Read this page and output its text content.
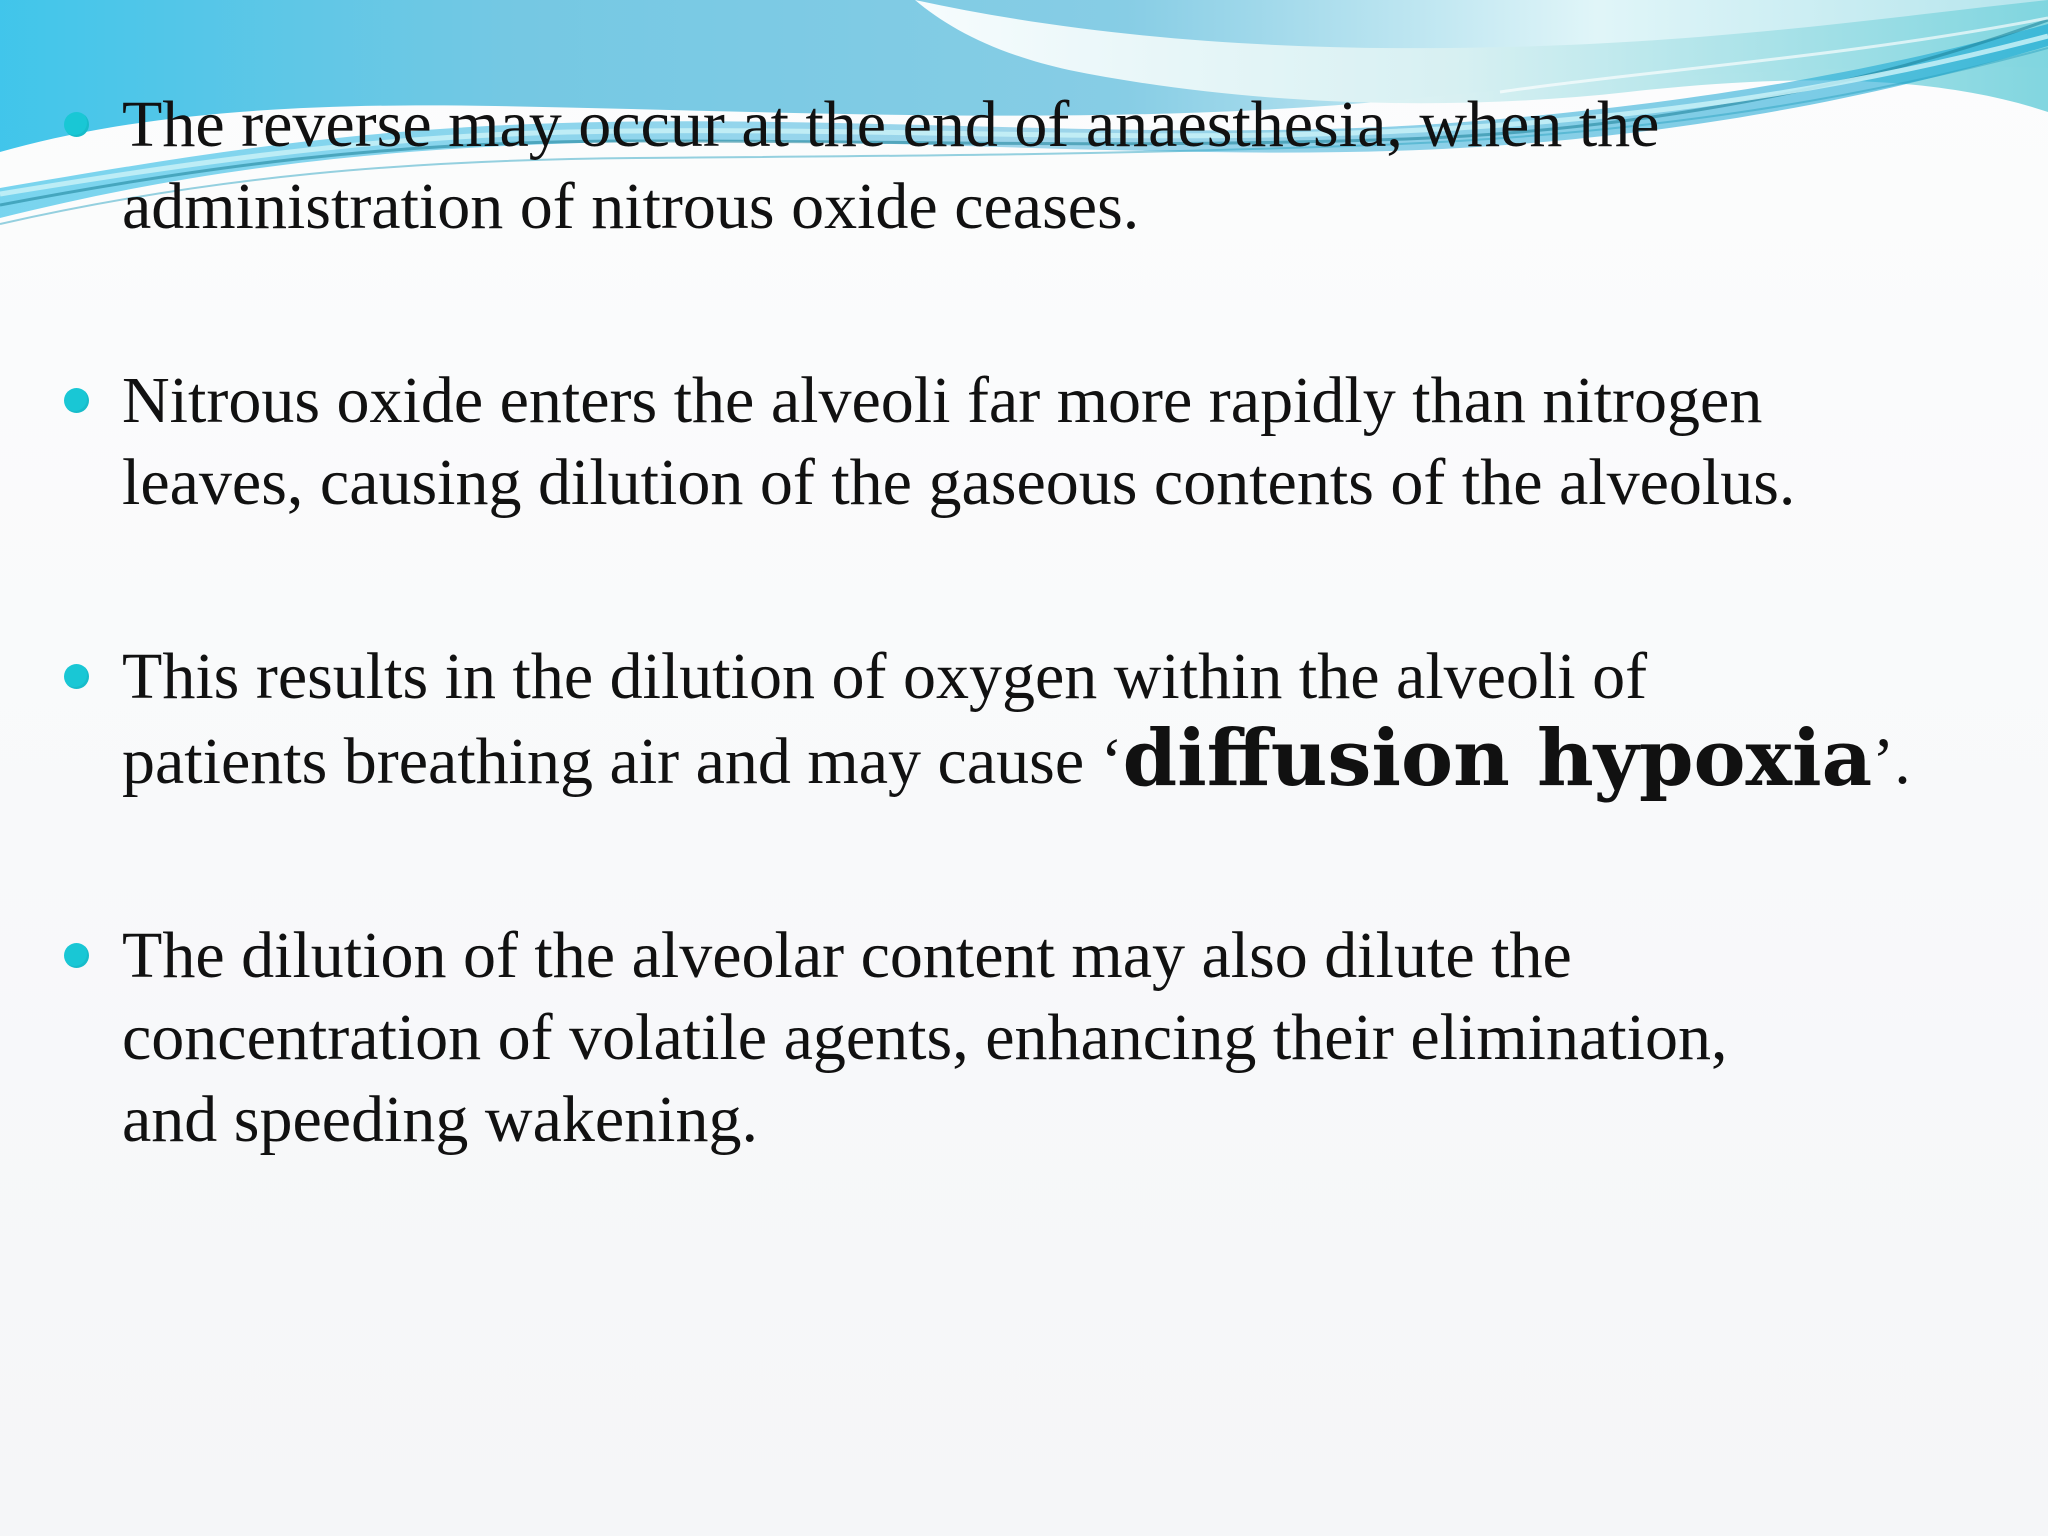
The reverse may occur at the end of anaesthesia, when the
administration of nitrous oxide ceases.
Nitrous oxide enters the alveoli far more rapidly than nitrogen
leaves, causing dilution of the gaseous contents of the alveolus.
This results in the dilution of oxygen within the alveoli of
patients breathing air and may cause ‘diffusion hypoxia’.
The dilution of the alveolar content may also dilute the
concentration of volatile agents, enhancing their elimination,
and speeding wakening.
